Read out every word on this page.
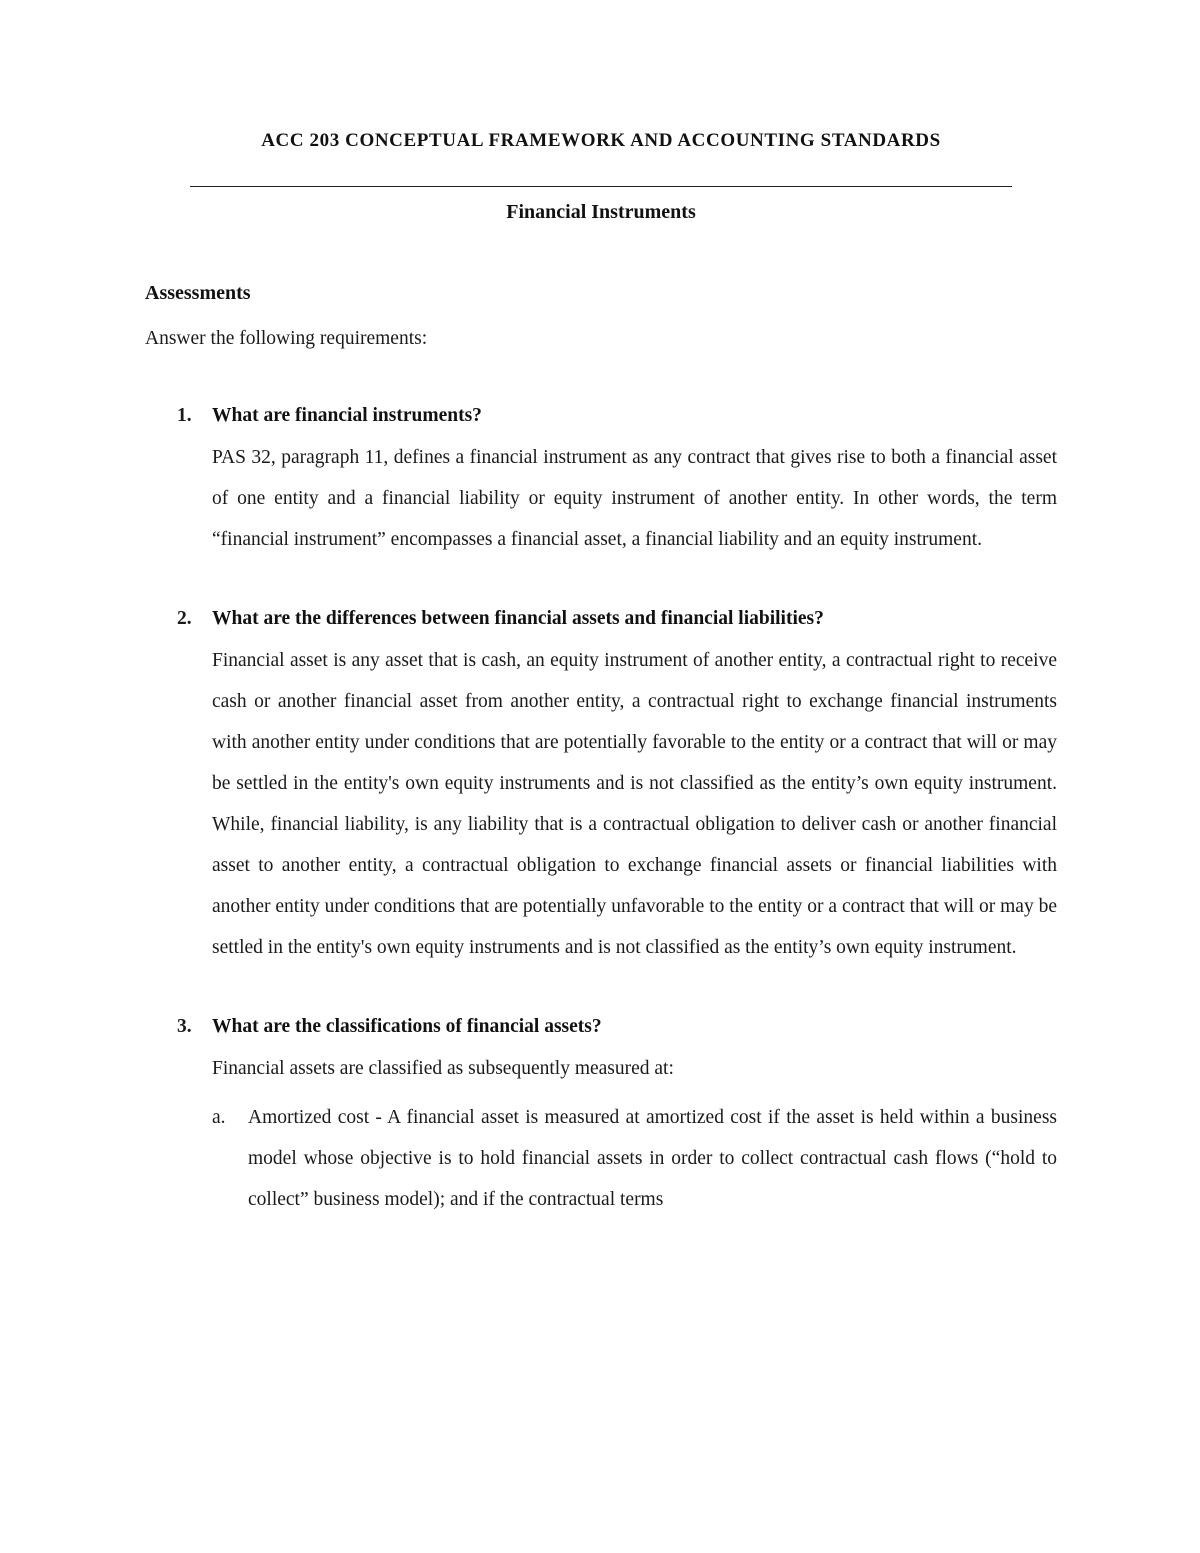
ACC 203 CONCEPTUAL FRAMEWORK AND ACCOUNTING STANDARDS
Financial Instruments
Assessments
Answer the following requirements:
1.	What are financial instruments?
PAS 32, paragraph 11, defines a financial instrument as any contract that gives rise to both a financial asset of one entity and a financial liability or equity instrument of another entity. In other words, the term “financial instrument” encompasses a financial asset, a financial liability and an equity instrument.
2.	What are the differences between financial assets and financial liabilities?
Financial asset is any asset that is cash, an equity instrument of another entity, a contractual right to receive cash or another financial asset from another entity, a contractual right to exchange financial instruments with another entity under conditions that are potentially favorable to the entity or a contract that will or may be settled in the entity's own equity instruments and is not classified as the entity’s own equity instrument. While, financial liability, is any liability that is a contractual obligation to deliver cash or another financial asset to another entity, a contractual obligation to exchange financial assets or financial liabilities with another entity under conditions that are potentially unfavorable to the entity or a contract that will or may be settled in the entity's own equity instruments and is not classified as the entity’s own equity instrument.
3.	What are the classifications of financial assets?
Financial assets are classified as subsequently measured at:
a.	Amortized cost - A financial asset is measured at amortized cost if the asset is held within a business model whose objective is to hold financial assets in order to collect contractual cash flows (“hold to collect” business model); and if the contractual terms
